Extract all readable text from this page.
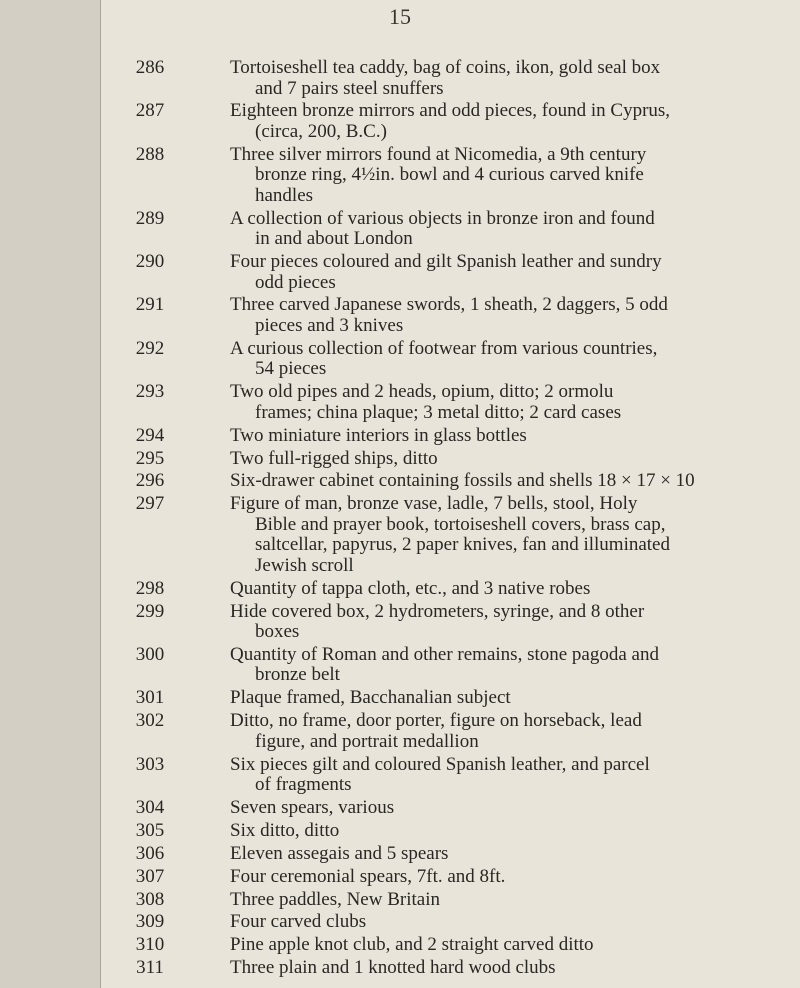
15
286	Tortoiseshell tea caddy, bag of coins, ikon, gold seal box
and 7 pairs steel snuffers
287	Eighteen bronze mirrors and odd pieces, found in Cyprus,
(circa, 200, B.C.)
288	Three silver mirrors found at Nicomedia, a 9th century
bronze ring, 4½in. bowl and 4 curious carved knife
handles
289	A collection of various objects in bronze iron and found
in and about London
290	Four pieces coloured and gilt Spanish leather and sundry
odd pieces
291	Three carved Japanese swords, 1 sheath, 2 daggers, 5 odd
pieces and 3 knives
292	A curious collection of footwear from various countries,
54 pieces
293	Two old pipes and 2 heads, opium, ditto; 2 ormolu
frames; china plaque; 3 metal ditto; 2 card cases
294	Two miniature interiors in glass bottles
295	Two full-rigged ships, ditto
296	Six-drawer cabinet containing fossils and shells 18 × 17 × 10
297	Figure of man, bronze vase, ladle, 7 bells, stool, Holy
Bible and prayer book, tortoiseshell covers, brass cap,
saltcellar, papyrus, 2 paper knives, fan and illuminated
Jewish scroll
298	Quantity of tappa cloth, etc., and 3 native robes
299	Hide covered box, 2 hydrometers, syringe, and 8 other
boxes
300	Quantity of Roman and other remains, stone pagoda and
bronze belt
301	Plaque framed, Bacchanalian subject
302	Ditto, no frame, door porter, figure on horseback, lead
figure, and portrait medallion
303	Six pieces gilt and coloured Spanish leather, and parcel
of fragments
304	Seven spears, various
305	Six ditto, ditto
306	Eleven assegais and 5 spears
307	Four ceremonial spears, 7ft. and 8ft.
308	Three paddles, New Britain
309	Four carved clubs
310	Pine apple knot club, and 2 straight carved ditto
311	Three plain and 1 knotted hard wood clubs
